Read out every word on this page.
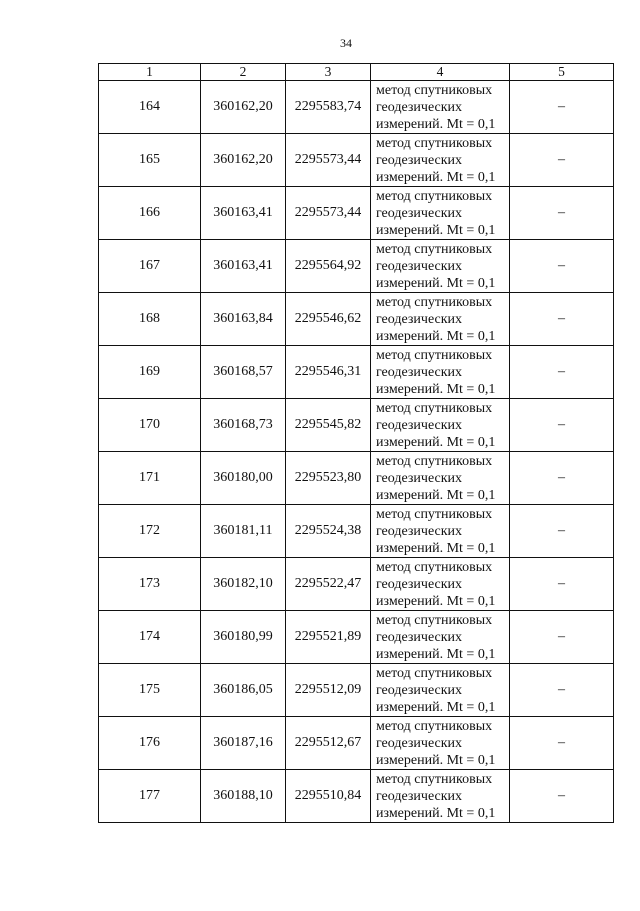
34
1	2	3	4	5
164	360162,20	2295583,74	метод спутниковых
геодезических
измерений. Mt = 0,1	–
165	360162,20	2295573,44	метод спутниковых
геодезических
измерений. Mt = 0,1	–
166	360163,41	2295573,44	метод спутниковых
геодезических
измерений. Mt = 0,1	–
167	360163,41	2295564,92	метод спутниковых
геодезических
измерений. Mt = 0,1	–
168	360163,84	2295546,62	метод спутниковых
геодезических
измерений. Mt = 0,1	–
169	360168,57	2295546,31	метод спутниковых
геодезических
измерений. Mt = 0,1	–
170	360168,73	2295545,82	метод спутниковых
геодезических
измерений. Mt = 0,1	–
171	360180,00	2295523,80	метод спутниковых
геодезических
измерений. Mt = 0,1	–
172	360181,11	2295524,38	метод спутниковых
геодезических
измерений. Mt = 0,1	–
173	360182,10	2295522,47	метод спутниковых
геодезических
измерений. Mt = 0,1	–
174	360180,99	2295521,89	метод спутниковых
геодезических
измерений. Mt = 0,1	–
175	360186,05	2295512,09	метод спутниковых
геодезических
измерений. Mt = 0,1	–
176	360187,16	2295512,67	метод спутниковых
геодезических
измерений. Mt = 0,1	–
177	360188,10	2295510,84	метод спутниковых
геодезических
измерений. Mt = 0,1	–
